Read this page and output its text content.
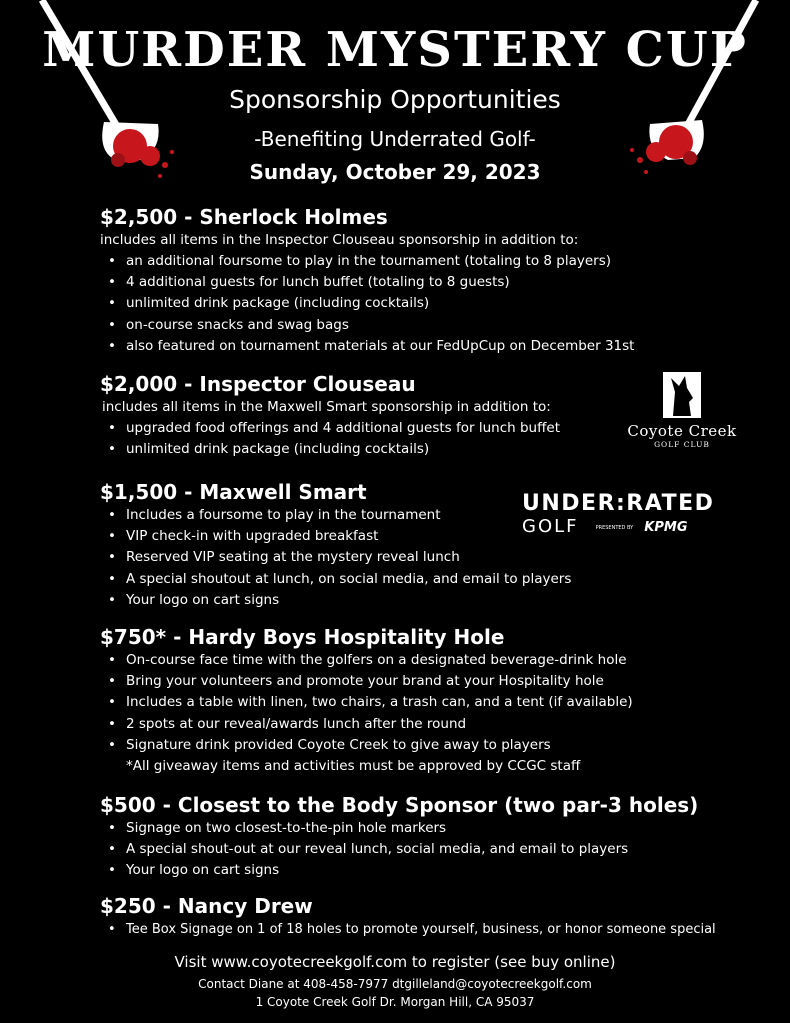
MURDER MYSTERY CUP
Sponsorship Opportunities
-Benefiting Underrated Golf-
Sunday, October 29, 2023
$2,500 - Sherlock Holmes

includes all items in the Inspector Clouseau sponsorship in addition to:

• an additional foursome to play in the tournament (totaling to 8 players)
• 4 additional guests for lunch buffet (totaling to 8 guests)
• unlimited drink package (including cocktails)
• on-course snacks and swag bags
• also featured on tournament materials at our FedUpCup on December 31st
$2,000 - Inspector Clouseau

includes all items in the Maxwell Smart sponsorship in addition to:

• upgraded food offerings and 4 additional guests for lunch buffet
• unlimited drink package (including cocktails)
Coyote Creek
GOLF CLUB
$1,500 - Maxwell Smart
• Includes a foursome to play in the tournament
• VIP check-in with upgraded breakfast
• Reserved VIP seating at the mystery reveal lunch
• A special shoutout at lunch, on social media, and email to players
• Your logo on cart signs
UNDER:RATED
GOLF	PRESENTED BY KPMG
$750* - Hardy Boys Hospitality Hole
• On-course face time with the golfers on a designated beverage-drink hole
• Bring your volunteers and promote your brand at your Hospitality hole
• Includes a table with linen, two chairs, a trash can, and a tent (if available)
• 2 spots at our reveal/awards lunch after the round
• Signature drink provided Coyote Creek to give away to players
*All giveaway items and activities must be approved by CCGC staff
$500 - Closest to the Body Sponsor (two par-3 holes)
• Signage on two closest-to-the-pin hole markers
• A special shout-out at our reveal lunch, social media, and email to players
• Your logo on cart signs
$250 - Nancy Drew
• Tee Box Signage on 1 of 18 holes to promote yourself, business, or honor someone special
Visit www.coyotecreekgolf.com to register (see buy online)
Contact Diane at 408-458-7977 dtgilleland@coyotecreekgolf.com
1 Coyote Creek Golf Dr. Morgan Hill, CA 95037
